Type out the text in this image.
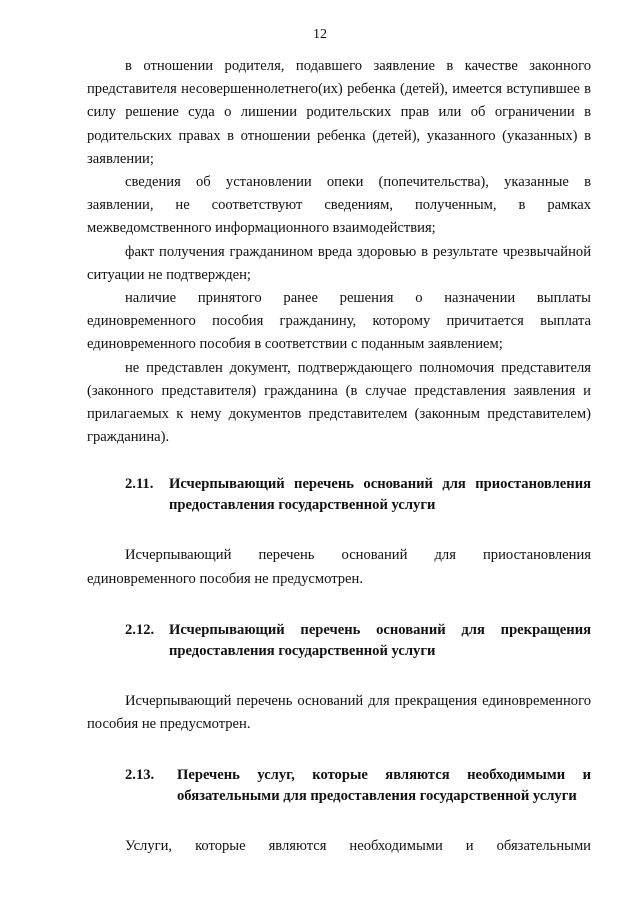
12

в отношении родителя, подавшего заявление в качестве законного представителя несовершеннолетнего(их) ребенка (детей), имеется вступившее в силу решение суда о лишении родительских прав или об ограничении в родительских правах в отношении ребенка (детей), указанного (указанных) в заявлении;

сведения об установлении опеки (попечительства), указанные в заявлении, не соответствуют сведениям, полученным, в рамках межведомственного информационного взаимодействия;

факт получения гражданином вреда здоровью в результате чрезвычайной ситуации не подтвержден;

наличие принятого ранее решения о назначении выплаты единовременного пособия гражданину, которому причитается выплата единовременного пособия в соответствии с поданным заявлением;

не представлен документ, подтверждающего полномочия представителя (законного представителя) гражданина (в случае представления заявления и прилагаемых к нему документов представителем (законным представителем) гражданина).

2.11.	Исчерпывающий перечень оснований для приостановления предоставления государственной услуги

Исчерпывающий перечень оснований для приостановления единовременного пособия не предусмотрен.

2.12.	Исчерпывающий перечень оснований для прекращения предоставления государственной услуги

Исчерпывающий перечень оснований для прекращения единовременного пособия не предусмотрен.

2.13.	Перечень услуг, которые являются необходимыми и обязательными для предоставления государственной услуги

Услуги, которые являются необходимыми и обязательными
